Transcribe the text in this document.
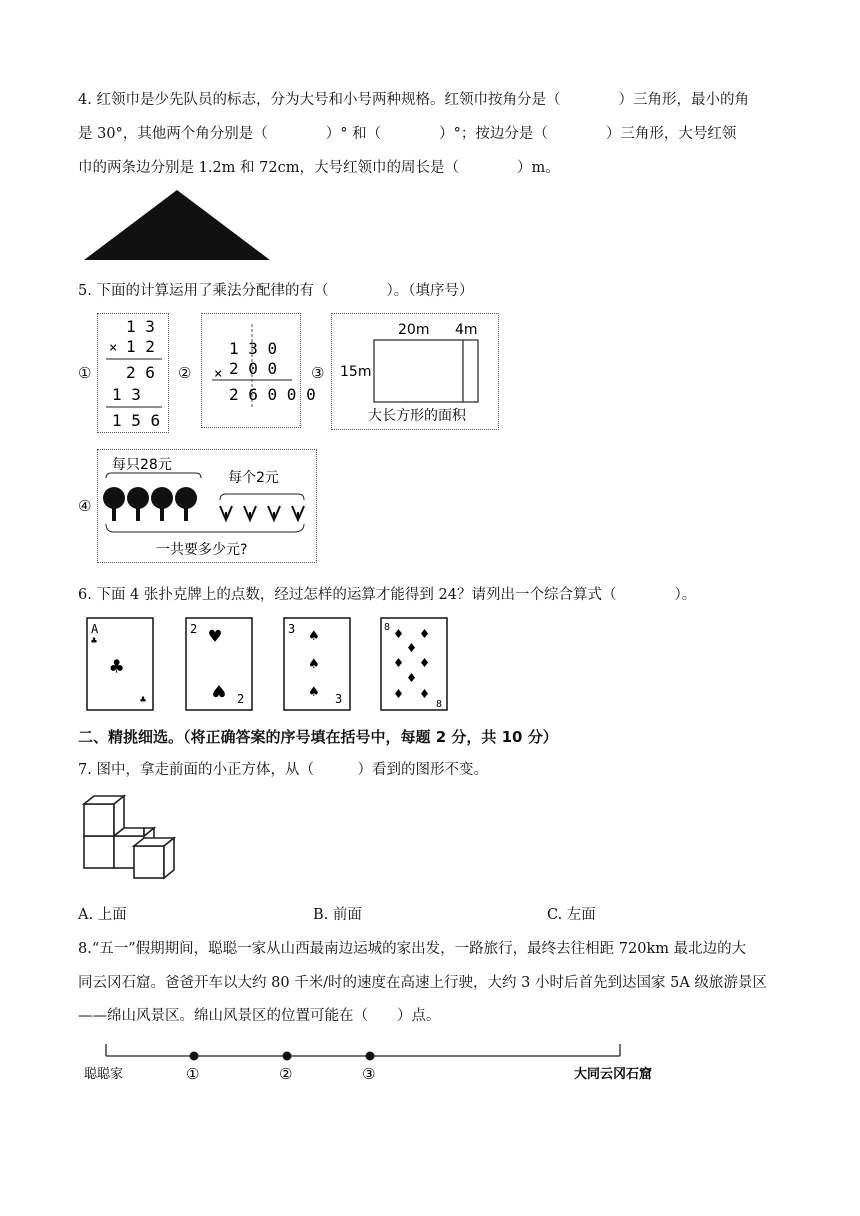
4. 红领巾是少先队员的标志，分为大号和小号两种规格。红领巾按角分是（　　　　）三角形，最小的角
是 30°，其他两个角分别是（　　　　）° 和（　　　　）°；按边分是（　　　　）三角形，大号红领
巾的两条边分别是 1.2m 和 72cm，大号红领巾的周长是（　　　　）m。
5. 下面的计算运用了乘法分配律的有（　　　　）。（填序号）
①
1 3
× 1 2
2 6
1 3
1 5 6
②
1 3 0
× 2 0 0
2 6 0 0 0
③
20m 4m
15m
大长方形的面积
④
每只28元
每个2元
一共要多少元?
6. 下面 4 张扑克牌上的点数，经过怎样的运算才能得到 24？请列出一个综合算式（　　　　）。
A
♣
♣
♣
2 ♥
♥ 2
3 ♠
♠
♠ 3
8
8
♦ ♦
♦
♦ ♦
♦
♦ ♦
二、精挑细选。（将正确答案的序号填在括号中，每题 2 分，共 10 分）
7. 图中，拿走前面的小正方体，从（　　　）看到的图形不变。
A. 上面	B. 前面	C. 左面
8.“五一”假期期间，聪聪一家从山西最南边运城的家出发，一路旅行，最终去往相距 720km 最北边的大
同云冈石窟。爸爸开车以大约 80 千米/时的速度在高速上行驶，大约 3 小时后首先到达国家 5A 级旅游景区
——绵山风景区。绵山风景区的位置可能在（　　）点。
聪聪家	①	②	③	大同云冈石窟
